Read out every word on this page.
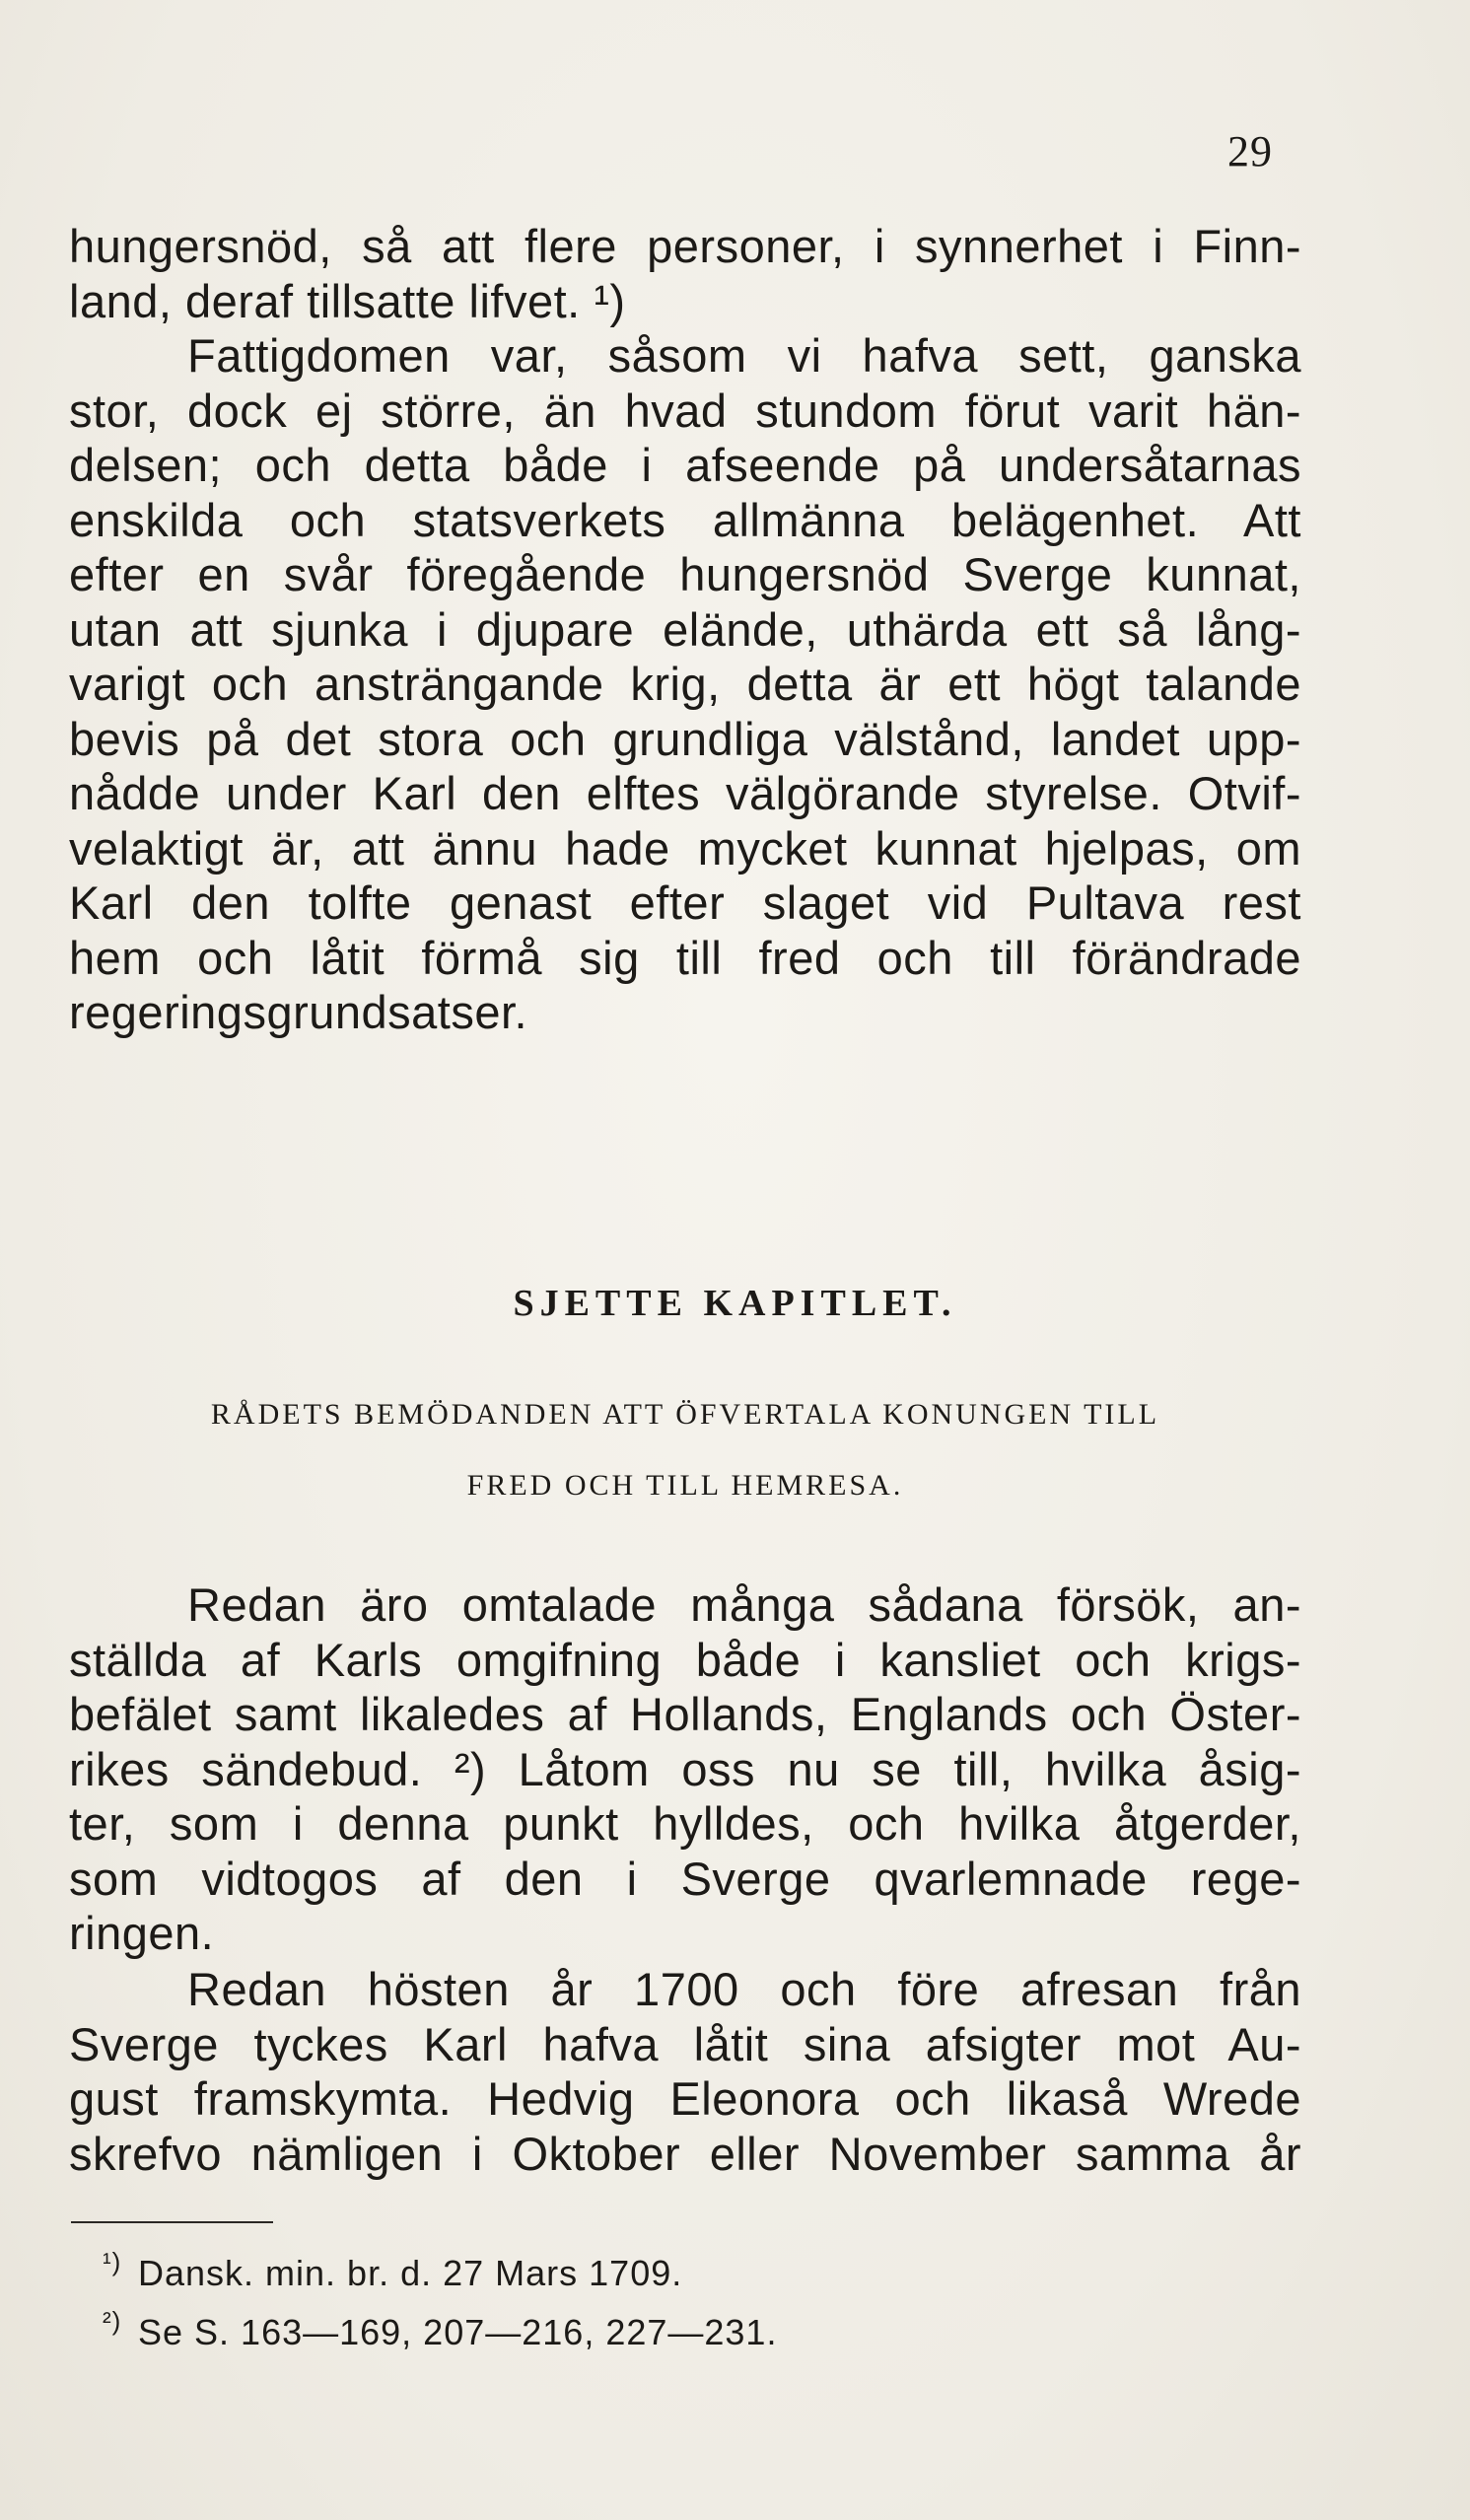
29
hungersnöd, så att flere personer, i synnerhet i Finn-
land, deraf tillsatte lifvet. ¹)
Fattigdomen var, såsom vi hafva sett, ganska
stor, dock ej större, än hvad stundom förut varit hän-
delsen; och detta både i afseende på undersåtarnas
enskilda och statsverkets allmänna belägenhet. Att
efter en svår föregående hungersnöd Sverge kunnat,
utan att sjunka i djupare elände, uthärda ett så lång-
varigt och ansträngande krig, detta är ett högt talande
bevis på det stora och grundliga välstånd, landet upp-
nådde under Karl den elftes välgörande styrelse. Otvif-
velaktigt är, att ännu hade mycket kunnat hjelpas, om
Karl den tolfte genast efter slaget vid Pultava rest
hem och låtit förmå sig till fred och till förändrade
regeringsgrundsatser.
SJETTE KAPITLET.
RÅDETS BEMÖDANDEN ATT ÖFVERTALA KONUNGEN TILL
FRED OCH TILL HEMRESA.
Redan äro omtalade många sådana försök, an-
ställda af Karls omgifning både i kansliet och krigs-
befälet samt likaledes af Hollands, Englands och Öster-
rikes sändebud. ²) Låtom oss nu se till, hvilka åsig-
ter, som i denna punkt hylldes, och hvilka åtgerder,
som vidtogos af den i Sverge qvarlemnade rege-
ringen.
Redan hösten år 1700 och före afresan från
Sverge tyckes Karl hafva låtit sina afsigter mot Au-
gust framskymta. Hedvig Eleonora och likaså Wrede
skrefvo nämligen i Oktober eller November samma år
¹) Dansk. min. br. d. 27 Mars 1709.
²) Se S. 163—169, 207—216, 227—231.
